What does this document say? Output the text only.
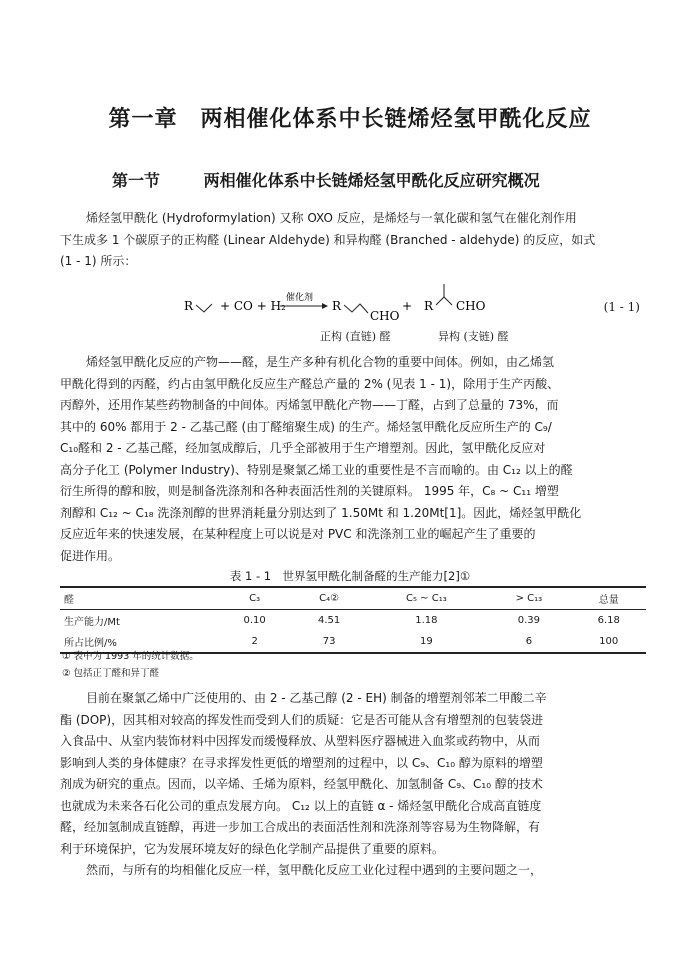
第一章　两相催化体系中长链烯烃氢甲酰化反应
第一节	两相催化体系中长链烯烃氢甲酰化反应研究概况
烯烃氢甲酰化 (Hydroformylation) 又称 OXO 反应，是烯烃与一氧化碳和氢气在催化剂作用
下生成多 1 个碳原子的正构醛 (Linear Aldehyde) 和异构醛 (Branched - aldehyde) 的反应，如式
(1 - 1) 所示：
R + CO + H₂
催化剂
R
CHO
+ R CHO
正构 (直链) 醛	异构 (支链) 醛
(1 - 1)
烯烃氢甲酰化反应的产物——醛，是生产多种有机化合物的重要中间体。例如，由乙烯氢
甲酰化得到的丙醛，约占由氢甲酰化反应生产醛总产量的 2% (见表 1 - 1)，除用于生产丙酸、
丙醇外，还用作某些药物制备的中间体。丙烯氢甲酰化产物——丁醛，占到了总量的 73%，而
其中的 60% 都用于 2 - 乙基己醛 (由丁醛缩聚生成) 的生产。烯烃氢甲酰化反应所生产的 C₉/
C₁₀醛和 2 - 乙基己醛，经加氢成醇后，几乎全部被用于生产增塑剂。因此，氢甲酰化反应对
高分子化工 (Polymer Industry)、特别是聚氯乙烯工业的重要性是不言而喻的。由 C₁₂ 以上的醛
衍生所得的醇和胺，则是制备洗涤剂和各种表面活性剂的关键原料。 1995 年，C₈ ~ C₁₁ 增塑
剂醇和 C₁₂ ~ C₁₈ 洗涤剂醇的世界消耗量分别达到了 1.50Mt 和 1.20Mt[1]。因此，烯烃氢甲酰化
反应近年来的快速发展，在某种程度上可以说是对 PVC 和洗涤剂工业的崛起产生了重要的
促进作用。
表 1 - 1　世界氢甲酰化制备醛的生产能力[2]①
醛	C₃	C₄②	C₅ ~ C₁₃	> C₁₃	总量
生产能力/Mt	0.10	4.51	1.18	0.39	6.18
所占比例/%	2	73	19	6	100
① 表中为 1993 年的统计数据。
② 包括正丁醛和异丁醛
目前在聚氯乙烯中广泛使用的、由 2 - 乙基己醇 (2 - EH) 制备的增塑剂邻苯二甲酸二辛
酯 (DOP)，因其相对较高的挥发性而受到人们的质疑：它是否可能从含有增塑剂的包装袋进
入食品中、从室内装饰材料中因挥发而缓慢释放、从塑料医疗器械进入血浆或药物中，从而
影响到人类的身体健康？在寻求挥发性更低的增塑剂的过程中，以 C₉、C₁₀ 醇为原料的增塑
剂成为研究的重点。因而，以辛烯、壬烯为原料，经氢甲酰化、加氢制备 C₉、C₁₀ 醇的技术
也就成为未来各石化公司的重点发展方向。 C₁₂ 以上的直链 α - 烯烃氢甲酰化合成高直链度
醛，经加氢制成直链醇，再进一步加工合成出的表面活性剂和洗涤剂等容易为生物降解，有
利于环境保护，它为发展环境友好的绿色化学制产品提供了重要的原料。
然而，与所有的均相催化反应一样，氢甲酰化反应工业化过程中遇到的主要问题之一，
